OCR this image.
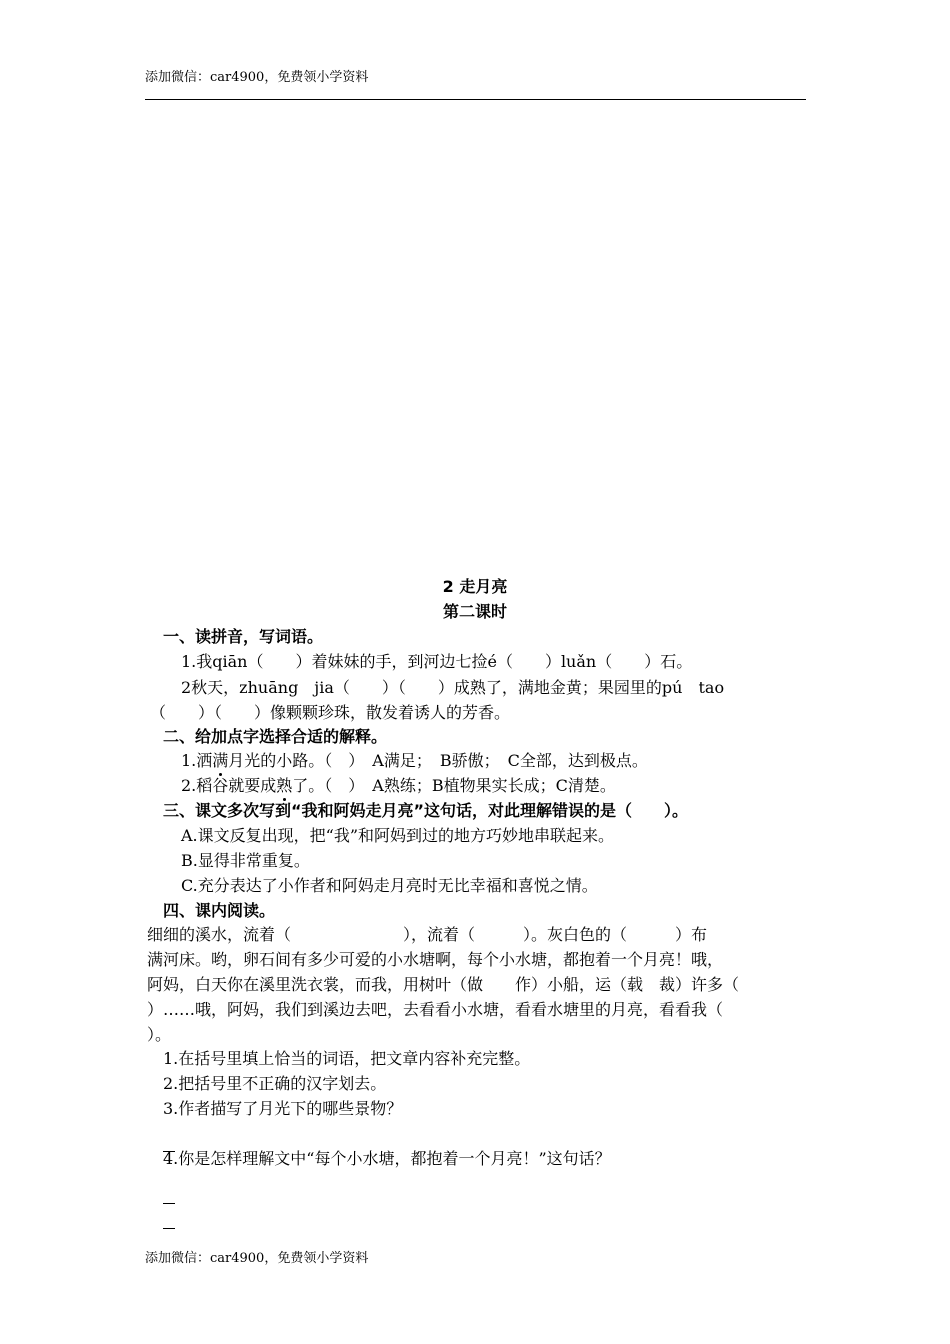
添加微信：car4900，免费领小学资料
2 走月亮
第二课时
一、读拼音，写词语。
1.我qiān（　　）着妹妹的手，到河边七捡é（　　）luǎn（　　）石。
2秋天，zhuāng　jia（　　）（　　）成熟了，满地金黄；果园里的pú　tao
（　　）（　　）像颗颗珍珠，散发着诱人的芳香。
二、给加点字选择合适的解释。
1.洒满月光的小路。（　）　A满足；　B骄傲；　C全部，达到极点。
2.稻谷就要成熟了。（　）　A熟练；B植物果实长成；C清楚。
三、课文多次写到“我和阿妈走月亮”这句话，对此理解错误的是（　　）。
A.课文反复出现，把“我”和阿妈到过的地方巧妙地串联起来。
B.显得非常重复。
C.充分表达了小作者和阿妈走月亮时无比幸福和喜悦之情。
四、课内阅读。
细细的溪水，流着（　　　　　　　），流着（　　　）。灰白色的（　　　）布
满河床。哟，卵石间有多少可爱的小水塘啊，每个小水塘，都抱着一个月亮！哦，
阿妈，白天你在溪里洗衣裳，而我，用树叶（做　　作）小船，运（载　裁）许多（
）……哦，阿妈，我们到溪边去吧，去看看小水塘，看看水塘里的月亮，看看我（
）。
1.在括号里填上恰当的词语，把文章内容补充完整。
2.把括号里不正确的汉字划去。
3.作者描写了月光下的哪些景物？
4.你是怎样理解文中“每个小水塘，都抱着一个月亮！”这句话？
添加微信：car4900，免费领小学资料
